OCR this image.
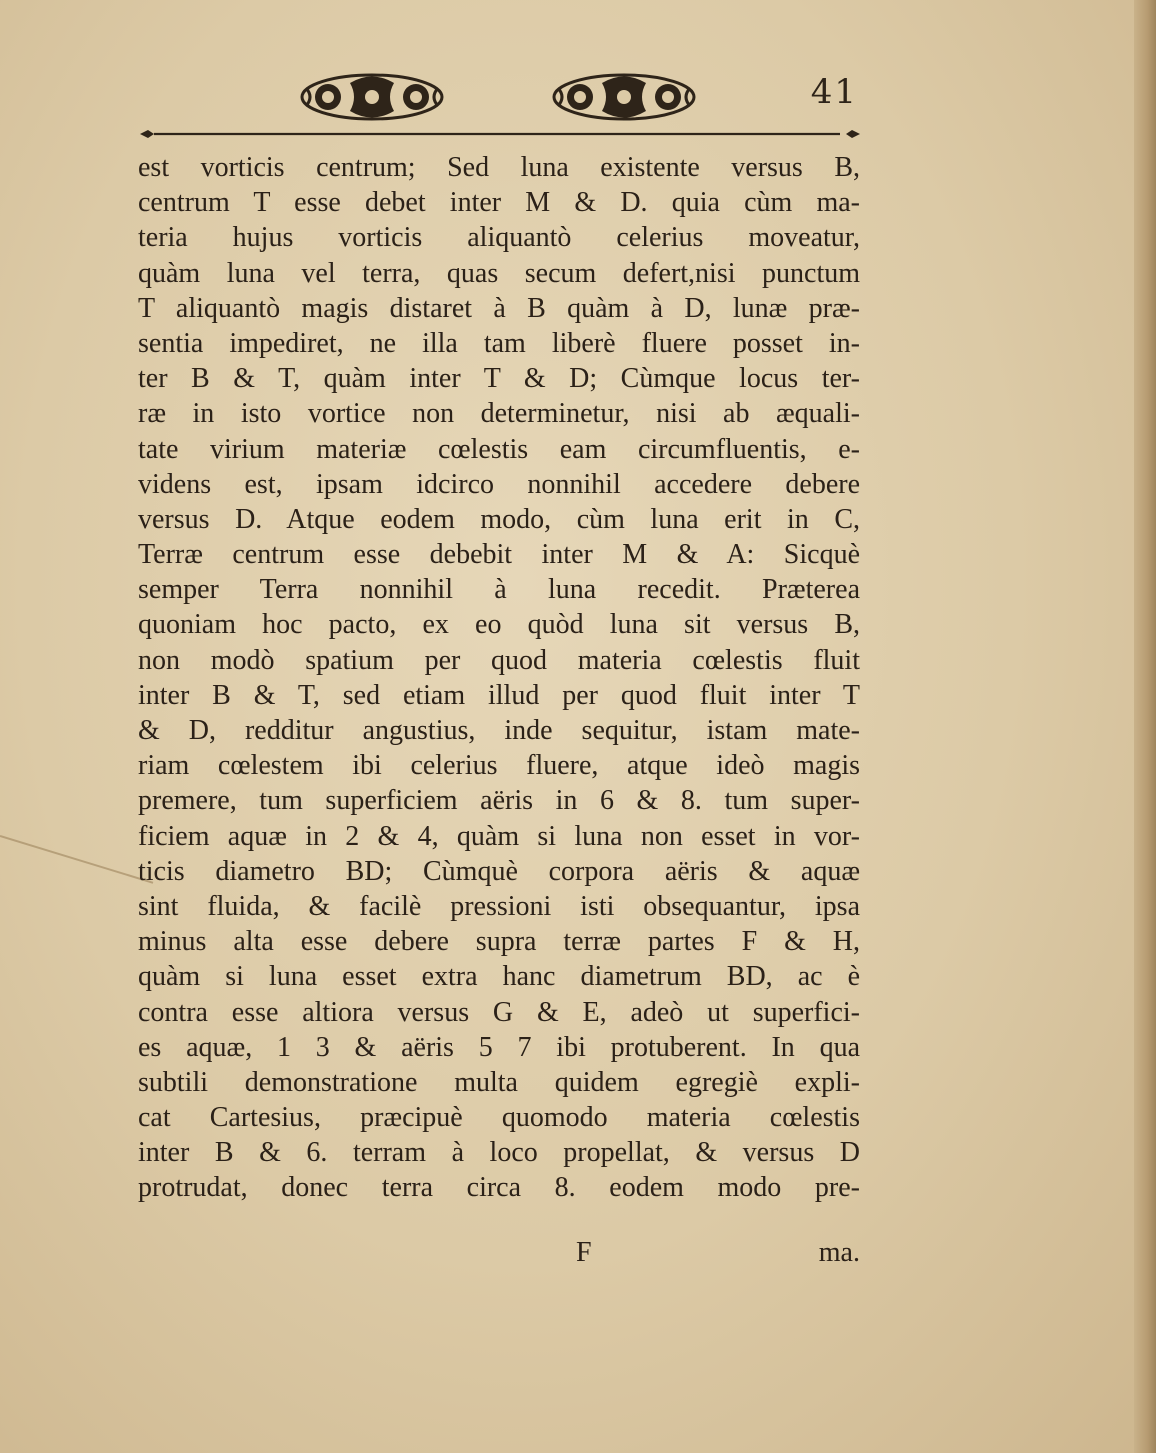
41
est vorticis centrum; Sed luna existente versus B,
centrum T esse debet inter M & D. quia cùm ma-
teria hujus vorticis aliquantò celerius moveatur,
quàm luna vel terra, quas secum defert,nisi punctum
T aliquantò magis distaret à B quàm à D, lunæ præ-
sentia impediret, ne illa tam liberè fluere posset in-
ter B & T, quàm inter T & D; Cùmque locus ter-
ræ in isto vortice non determinetur, nisi ab æquali-
tate virium materiæ cœlestis eam circumfluentis, e-
videns est, ipsam idcirco nonnihil accedere debere
versus D. Atque eodem modo, cùm luna erit in C,
Terræ centrum esse debebit inter M & A: Sicquè
semper Terra nonnihil à luna recedit. Præterea
quoniam hoc pacto, ex eo quòd luna sit versus B,
non modò spatium per quod materia cœlestis fluit
inter B & T, sed etiam illud per quod fluit inter T
& D, redditur angustius, inde sequitur, istam mate-
riam cœlestem ibi celerius fluere, atque ideò magis
premere, tum superficiem aëris in 6 & 8. tum super-
ficiem aquæ in 2 & 4, quàm si luna non esset in vor-
ticis diametro BD; Cùmquè corpora aëris & aquæ
sint fluida, & facilè pressioni isti obsequantur, ipsa
minus alta esse debere supra terræ partes F & H,
quàm si luna esset extra hanc diametrum BD, ac è
contra esse altiora versus G & E, adeò ut superfici-
es aquæ, 1 3 & aëris 5 7 ibi protuberent. In qua
subtili demonstratione multa quidem egregiè expli-
cat Cartesius, præcipuè quomodo materia cœlestis
inter B & 6. terram à loco propellat, & versus D
protrudat, donec terra circa 8. eodem modo pre-
F	ma.
